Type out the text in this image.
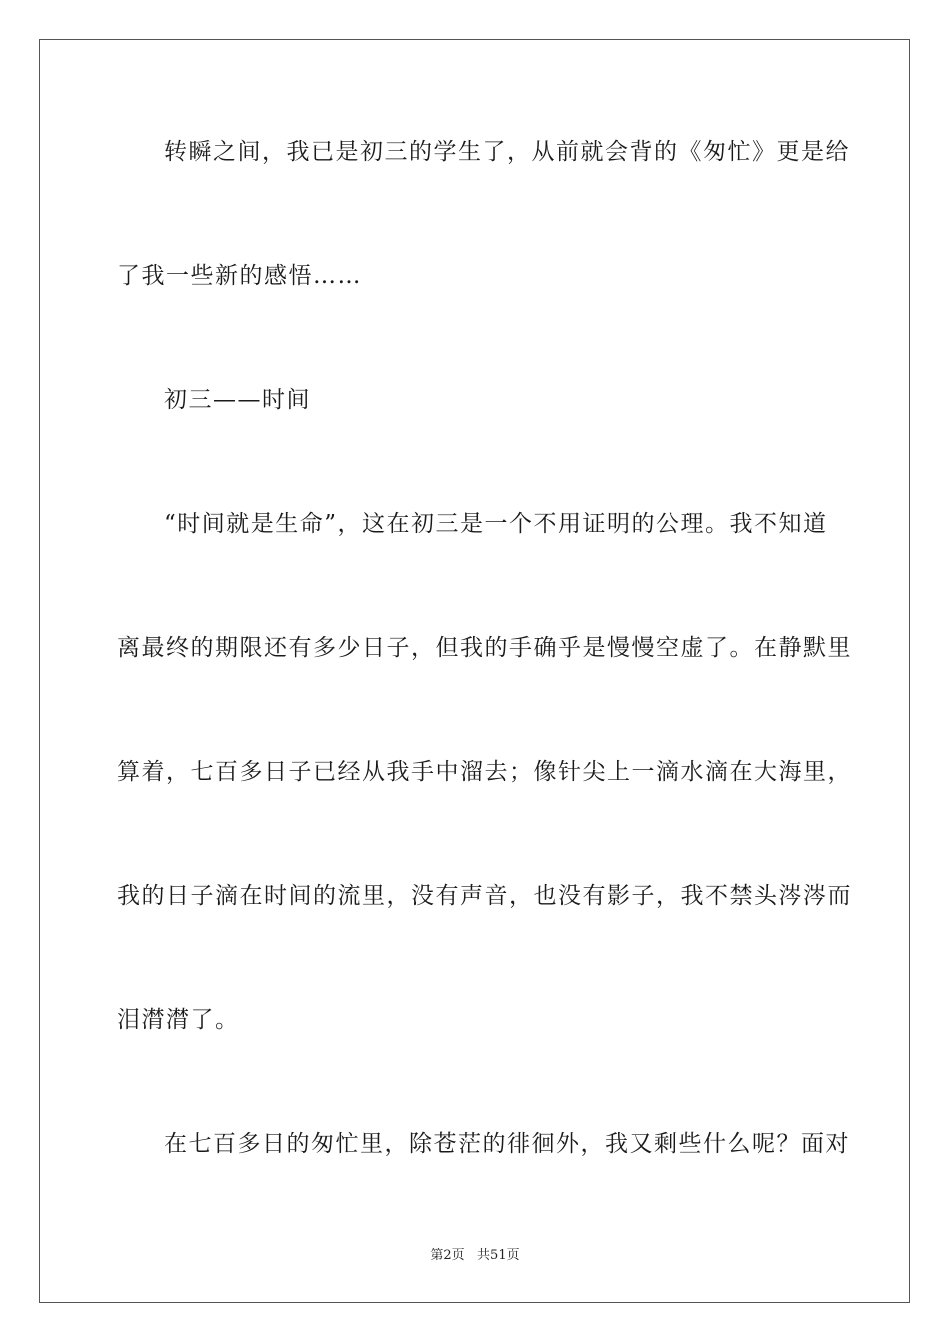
转瞬之间，我已是初三的学生了，从前就会背的《匆忙》更是给
了我一些新的感悟……
初三——时间
“时间就是生命”，这在初三是一个不用证明的公理。我不知道
离最终的期限还有多少日子，但我的手确乎是慢慢空虚了。在静默里
算着，七百多日子已经从我手中溜去；像针尖上一滴水滴在大海里，
我的日子滴在时间的流里，没有声音，也没有影子，我不禁头涔涔而
泪潸潸了。
在七百多日的匆忙里，除苍茫的徘徊外，我又剩些什么呢？面对
第2页   共51页
